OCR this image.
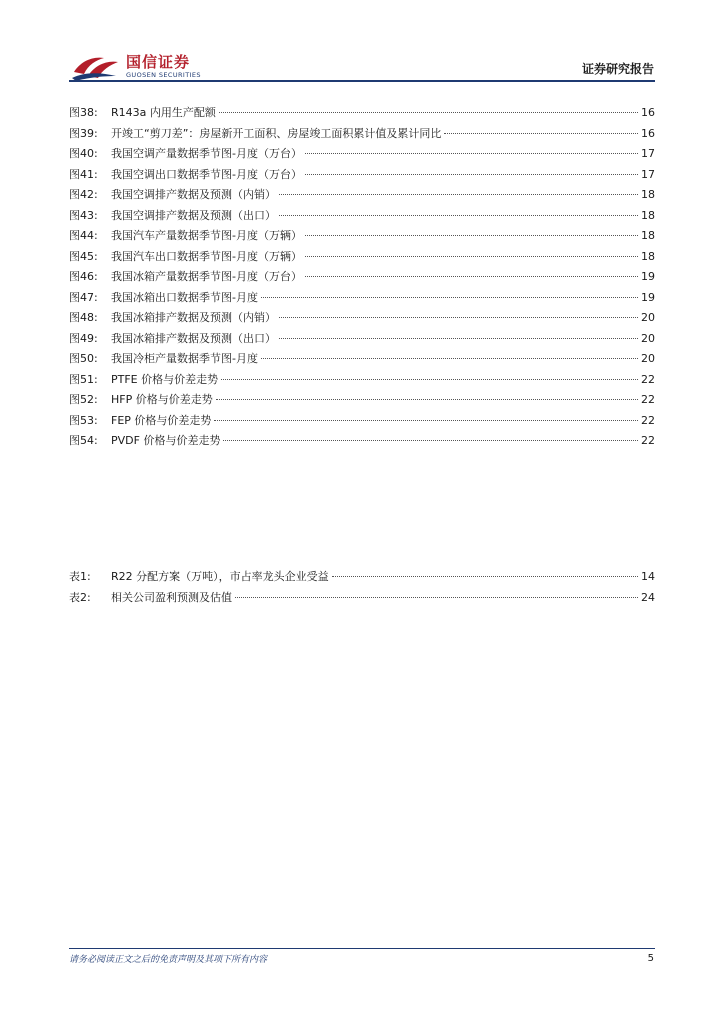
国信证券
GUOSEN SECURITIES	证券研究报告
图38:	R143a 内用生产配额	16
图39:	开竣工“剪刀差”：房屋新开工面积、房屋竣工面积累计值及累计同比	16
图40:	我国空调产量数据季节图-月度（万台）	17
图41:	我国空调出口数据季节图-月度（万台）	17
图42:	我国空调排产数据及预测（内销）	18
图43:	我国空调排产数据及预测（出口）	18
图44:	我国汽车产量数据季节图-月度（万辆）	18
图45:	我国汽车出口数据季节图-月度（万辆）	18
图46:	我国冰箱产量数据季节图-月度（万台）	19
图47:	我国冰箱出口数据季节图-月度	19
图48:	我国冰箱排产数据及预测（内销）	20
图49:	我国冰箱排产数据及预测（出口）	20
图50:	我国冷柜产量数据季节图-月度	20
图51:	PTFE 价格与价差走势	22
图52:	HFP 价格与价差走势	22
图53:	FEP 价格与价差走势	22
图54:	PVDF 价格与价差走势	22
表1:	R22 分配方案（万吨），市占率龙头企业受益	14
表2:	相关公司盈利预测及估值	24
请务必阅读正文之后的免责声明及其项下所有内容	5
